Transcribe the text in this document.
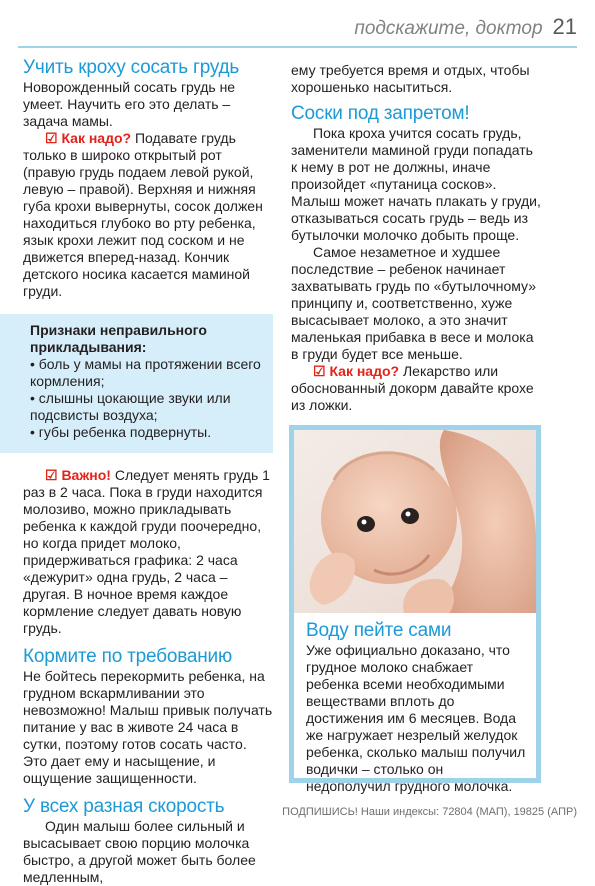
подскажите, доктор 21
Учить кроху сосать грудь

Новорожденный сосать грудь не умеет. Научить его это делать – задача мамы.

☑ Как надо? Подавате грудь только в широко открытый рот (правую грудь подаем левой рукой, левую – правой). Верхняя и нижняя губа крохи вывернуты, сосок должен находиться глубоко во рту ребенка, язык крохи лежит под соском и не движется вперед-назад. Кончик детского носика касается маминой груди.

Признаки неправильного прикладывания:
• боль у мамы на протяжении всего кормления;
• слышны цокающие звуки или подсвисты воздуха;
• губы ребенка подвернуты.

☑ Важно! Следует менять грудь 1 раз в 2 часа. Пока в груди находится молозиво, можно прикладывать ребенка к каждой груди поочередно, но когда придет молоко, придерживаться графика: 2 часа «дежурит» одна грудь, 2 часа – другая. В ночное время каждое кормление следует давать новую грудь.

Кормите по требованию

Не бойтесь перекормить ребенка, на грудном вскармливании это невозможно! Малыш привык получать питание у вас в животе 24 часа в сутки, поэтому готов сосать часто. Это дает ему и насыщение, и ощущение защищенности.

У всех разная скорость

Один малыш более сильный и высасывает свою порцию молочка быстро, а другой может быть более медленным,

ему требуется время и отдых, чтобы хорошенько насытиться.

Соски под запретом!

Пока кроха учится сосать грудь, заменители маминой груди попадать к нему в рот не должны, иначе произойдет «путаница сосков». Малыш может начать плакать у груди, отказываться сосать грудь – ведь из бутылочки молочко добыть проще.

Самое незаметное и худшее последствие – ребенок начинает захватывать грудь по «бутылочному» принципу и, соответственно, хуже высасывает молоко, а это значит маленькая прибавка в весе и молока в груди будет все меньше.

☑ Как надо? Лекарство или обоснованный докорм давайте крохе из ложки.

Воду пейте сами

Уже официально доказано, что грудное молоко снабжает ребенка всеми необходимыми веществами вплоть до достижения им 6 месяцев. Вода же нагружает незрелый желудок ребенка, сколько малыш получил водички – столько он недополучил грудного молочка.

ПОДПИШИСЬ! Наши индексы: 72804 (МАП), 19825 (АПР)
